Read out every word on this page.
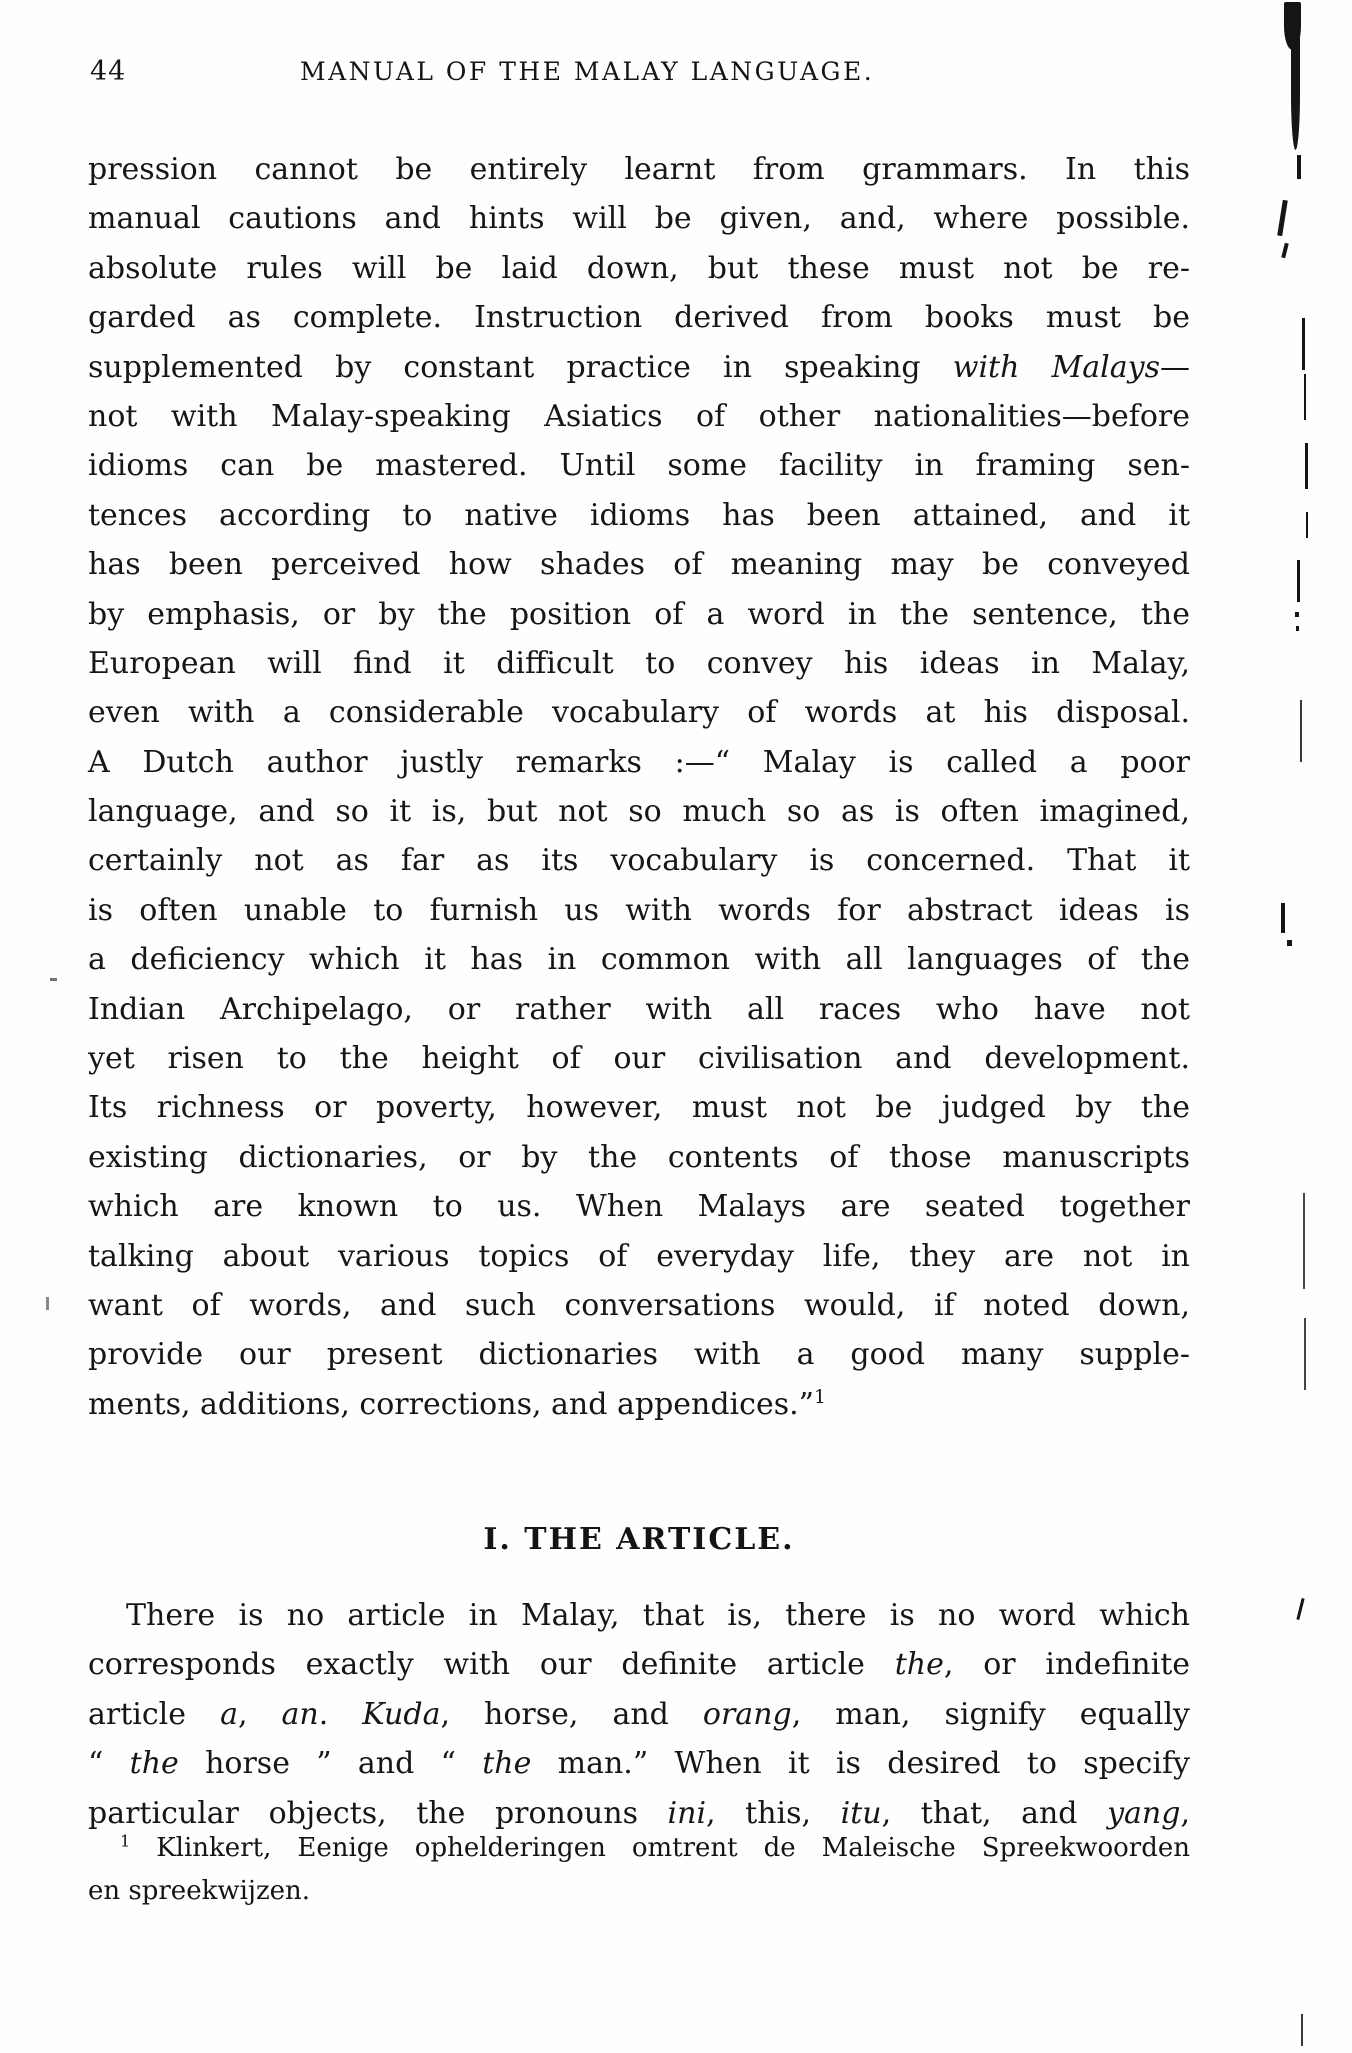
44	MANUAL OF THE MALAY LANGUAGE.
pression cannot be entirely learnt from grammars. In this
manual cautions and hints will be given, and, where possible.
absolute rules will be laid down, but these must not be re-
garded as complete. Instruction derived from books must be
supplemented by constant practice in speaking with Malays—
not with Malay-speaking Asiatics of other nationalities—before
idioms can be mastered. Until some facility in framing sen-
tences according to native idioms has been attained, and it
has been perceived how shades of meaning may be conveyed
by emphasis, or by the position of a word in the sentence, the
European will find it difficult to convey his ideas in Malay,
even with a considerable vocabulary of words at his disposal.
A Dutch author justly remarks :—“ Malay is called a poor
language, and so it is, but not so much so as is often imagined,
certainly not as far as its vocabulary is concerned. That it
is often unable to furnish us with words for abstract ideas is
a deficiency which it has in common with all languages of the
Indian Archipelago, or rather with all races who have not
yet risen to the height of our civilisation and development.
Its richness or poverty, however, must not be judged by the
existing dictionaries, or by the contents of those manuscripts
which are known to us. When Malays are seated together
talking about various topics of everyday life, they are not in
want of words, and such conversations would, if noted down,
provide our present dictionaries with a good many supple-
ments, additions, corrections, and appendices.”$^1$
I. THE ARTICLE.
There is no article in Malay, that is, there is no word which
corresponds exactly with our definite article the, or indefinite
article a, an. Kuda, horse, and orang, man, signify equally
“ the horse ” and “ the man.” When it is desired to specify
particular objects, the pronouns ini, this, itu, that, and yang,
$^1$ Klinkert, Eenige ophelderingen omtrent de Maleische Spreekwoorden
en spreekwijzen.
